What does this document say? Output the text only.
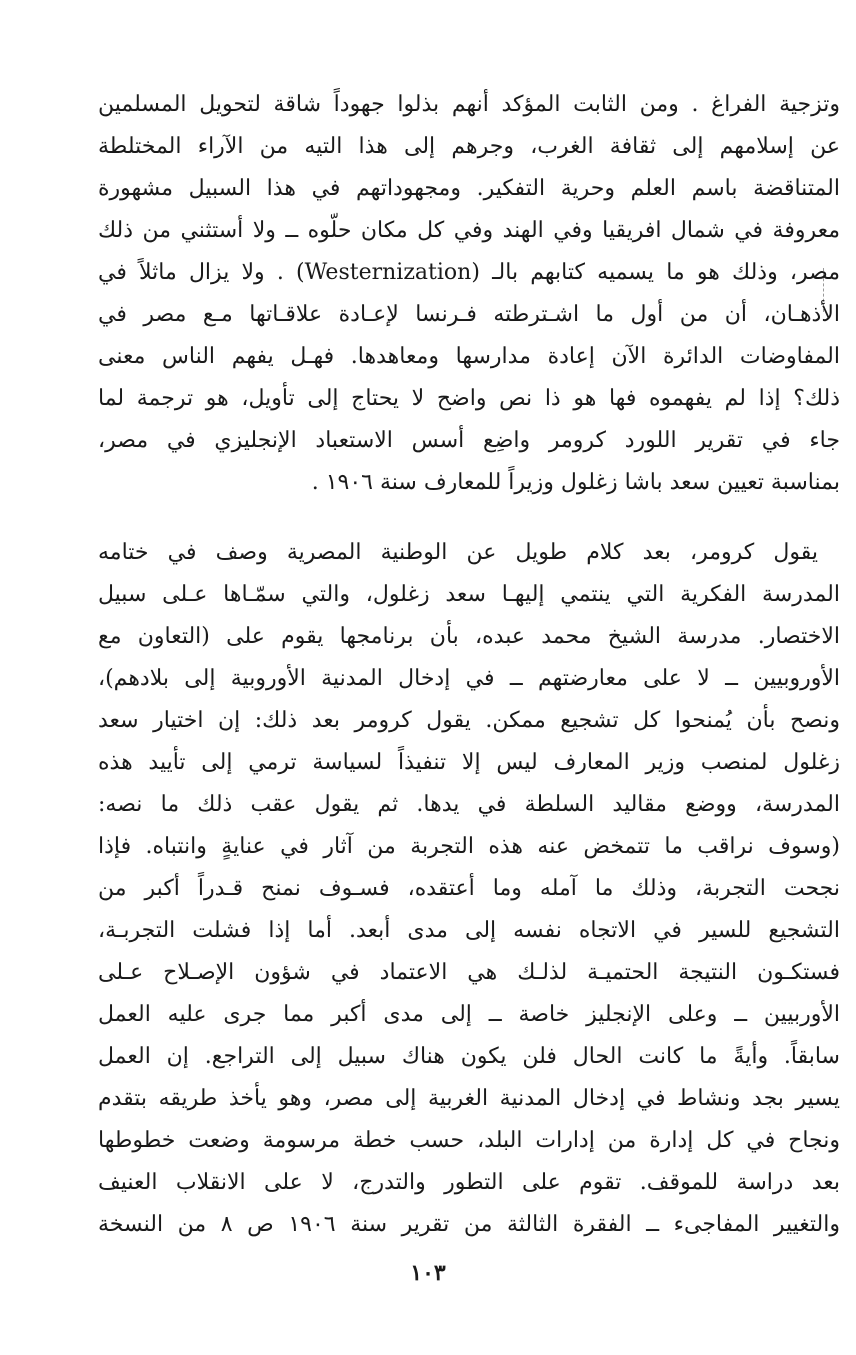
وتزجية الفراغ . ومن الثابت المؤكد أنهم بذلوا جهوداً شاقة لتحويل المسلمين
عن إسلامهم إلى ثقافة الغرب، وجرهم إلى هذا التيه من الآراء المختلطة
المتناقضة باسم العلم وحرية التفكير. ومجهوداتهم في هذا السبيل مشهورة
معروفة في شمال افريقيا وفي الهند وفي كل مكان حلّوه ــ ولا أستثني من ذلك
مصر، وذلك هو ما يسميه كتابهم بالـ (Westernization) . ولا يزال ماثلاً في
الأذهـان، أن من أول ما اشـترطته فـرنسا لإعـادة علاقـاتها مـع مصر في
المفاوضات الدائرة الآن إعادة مدارسها ومعاهدها. فهـل يفهم الناس معنى
ذلك؟ إذا لم يفهموه فها هو ذا نص واضح لا يحتاج إلى تأويل، هو ترجمة لما
جاء في تقرير اللورد كرومر واضِع أسس الاستعباد الإنجليزي في مصر،
بمناسبة تعيين سعد باشا زغلول وزيراً للمعارف سنة ١٩٠٦ .
يقول كرومر، بعد كلام طويل عن الوطنية المصرية وصف في ختامه
المدرسة الفكرية التي ينتمي إليهـا سعد زغلول، والتي سمّـاها عـلى سبيل
الاختصار. مدرسة الشيخ محمد عبده، بأن برنامجها يقوم على (التعاون مع
الأوروبيين ــ لا على معارضتهم ــ في إدخال المدنية الأوروبية إلى بلادهم)،
ونصح بأن يُمنحوا كل تشجيع ممكن. يقول كرومر بعد ذلك: إن اختيار سعد
زغلول لمنصب وزير المعارف ليس إلا تنفيذاً لسياسة ترمي إلى تأييد هذه
المدرسة، ووضع مقاليد السلطة في يدها. ثم يقول عقب ذلك ما نصه:
(وسوف نراقب ما تتمخض عنه هذه التجربة من آثار في عنايةٍ وانتباه. فإذا
نجحت التجربة، وذلك ما آمله وما أعتقده، فسـوف نمنح قـدراً أكبر من
التشجيع للسير في الاتجاه نفسه إلى مدى أبعد. أما إذا فشلت التجربـة،
فستكـون النتيجة الحتميـة لذلـك هي الاعتماد في شؤون الإصـلاح عـلى
الأوربيين ــ وعلى الإنجليز خاصة ــ إلى مدى أكبر مما جرى عليه العمل
سابقاً. وأيةً ما كانت الحال فلن يكون هناك سبيل إلى التراجع. إن العمل
يسير بجد ونشاط في إدخال المدنية الغربية إلى مصر، وهو يأخذ طريقه بتقدم
ونجاح في كل إدارة من إدارات البلد، حسب خطة مرسومة وضعت خطوطها
بعد دراسة للموقف. تقوم على التطور والتدرج، لا على الانقلاب العنيف
والتغيير المفاجىء ــ الفقرة الثالثة من تقرير سنة ١٩٠٦ ص ٨ من النسخة
١٠٣
